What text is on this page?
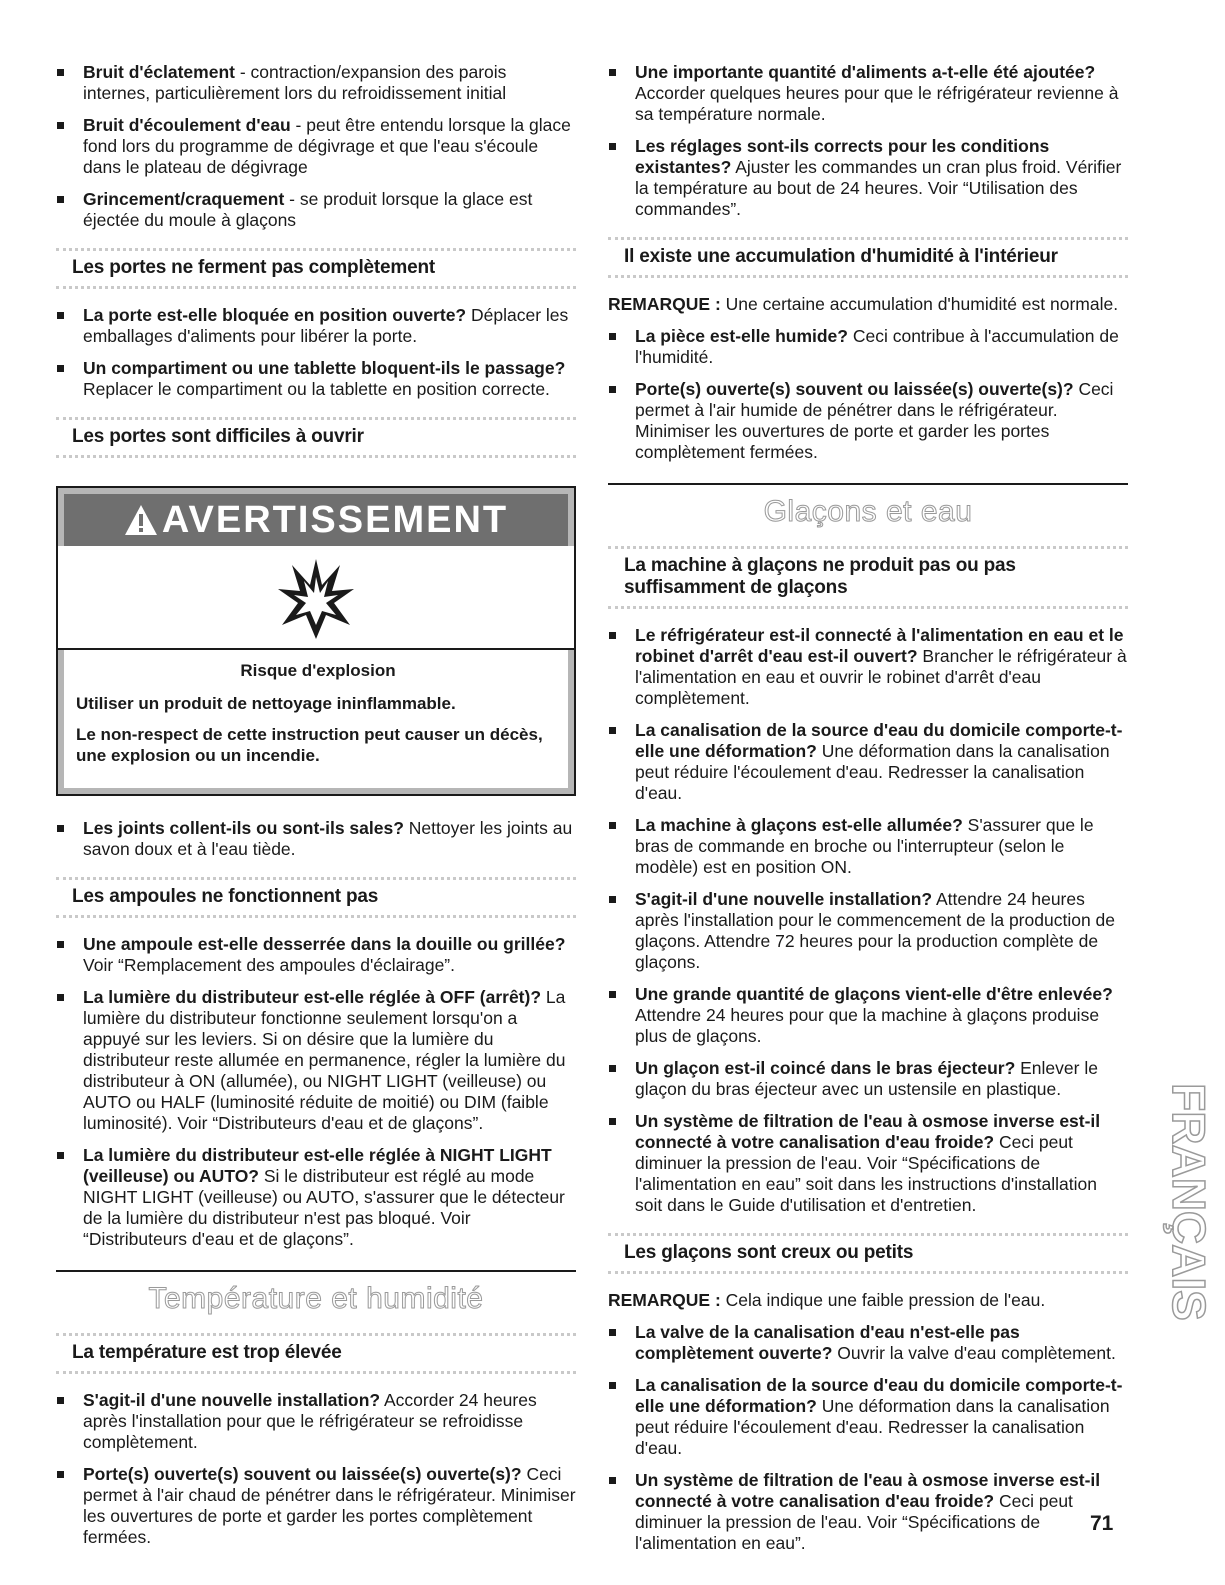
Bruit d'éclatement - contraction/expansion des parois internes, particulièrement lors du refroidissement initial
Bruit d'écoulement d'eau - peut être entendu lorsque la glace fond lors du programme de dégivrage et que l'eau s'écoule dans le plateau de dégivrage
Grincement/craquement - se produit lorsque la glace est éjectée du moule à glaçons
Les portes ne ferment pas complètement
La porte est-elle bloquée en position ouverte? Déplacer les emballages d'aliments pour libérer la porte.
Un compartiment ou une tablette bloquent-ils le passage? Replacer le compartiment ou la tablette en position correcte.
Les portes sont difficiles à ouvrir
AVERTISSEMENT

Risque d'explosion

Utiliser un produit de nettoyage ininflammable.

Le non-respect de cette instruction peut causer un décès, une explosion ou un incendie.

Les joints collent-ils ou sont-ils sales? Nettoyer les joints au savon doux et à l'eau tiède.
Les ampoules ne fonctionnent pas
Une ampoule est-elle desserrée dans la douille ou grillée? Voir “Remplacement des ampoules d'éclairage”.
La lumière du distributeur est-elle réglée à OFF (arrêt)? La lumière du distributeur fonctionne seulement lorsqu'on a appuyé sur les leviers. Si on désire que la lumière du distributeur reste allumée en permanence, régler la lumière du distributeur à ON (allumée), ou NIGHT LIGHT (veilleuse) ou AUTO ou HALF (luminosité réduite de moitié) ou DIM (faible luminosité). Voir “Distributeurs d'eau et de glaçons”.
La lumière du distributeur est-elle réglée à NIGHT LIGHT (veilleuse) ou AUTO? Si le distributeur est réglé au mode NIGHT LIGHT (veilleuse) ou AUTO, s'assurer que le détecteur de la lumière du distributeur n'est pas bloqué. Voir “Distributeurs d'eau et de glaçons”.
Température et humidité
La température est trop élevée
S'agit-il d'une nouvelle installation? Accorder 24 heures après l'installation pour que le réfrigérateur se refroidisse complètement.
Porte(s) ouverte(s) souvent ou laissée(s) ouverte(s)? Ceci permet à l'air chaud de pénétrer dans le réfrigérateur. Minimiser les ouvertures de porte et garder les portes complètement fermées.
Une importante quantité d'aliments a-t-elle été ajoutée? Accorder quelques heures pour que le réfrigérateur revienne à sa température normale.
Les réglages sont-ils corrects pour les conditions existantes? Ajuster les commandes un cran plus froid. Vérifier la température au bout de 24 heures. Voir “Utilisation des commandes”.
Il existe une accumulation d'humidité à l'intérieur
REMARQUE : Une certaine accumulation d'humidité est normale.
La pièce est-elle humide? Ceci contribue à l'accumulation de l'humidité.
Porte(s) ouverte(s) souvent ou laissée(s) ouverte(s)? Ceci permet à l'air humide de pénétrer dans le réfrigérateur. Minimiser les ouvertures de porte et garder les portes complètement fermées.
Glaçons et eau
La machine à glaçons ne produit pas ou pas suffisamment de glaçons
Le réfrigérateur est-il connecté à l'alimentation en eau et le robinet d'arrêt d'eau est-il ouvert? Brancher le réfrigérateur à l'alimentation en eau et ouvrir le robinet d'arrêt d'eau complètement.
La canalisation de la source d'eau du domicile comporte-t-elle une déformation? Une déformation dans la canalisation peut réduire l'écoulement d'eau. Redresser la canalisation d'eau.
La machine à glaçons est-elle allumée? S'assurer que le bras de commande en broche ou l'interrupteur (selon le modèle) est en position ON.
S'agit-il d'une nouvelle installation? Attendre 24 heures après l'installation pour le commencement de la production de glaçons. Attendre 72 heures pour la production complète de glaçons.
Une grande quantité de glaçons vient-elle d'être enlevée? Attendre 24 heures pour que la machine à glaçons produise plus de glaçons.
Un glaçon est-il coincé dans le bras éjecteur? Enlever le glaçon du bras éjecteur avec un ustensile en plastique.
Un système de filtration de l'eau à osmose inverse est-il connecté à votre canalisation d'eau froide? Ceci peut diminuer la pression de l'eau. Voir “Spécifications de l'alimentation en eau” soit dans les instructions d'installation soit dans le Guide d'utilisation et d'entretien.
Les glaçons sont creux ou petits
REMARQUE : Cela indique une faible pression de l'eau.
La valve de la canalisation d'eau n'est-elle pas complètement ouverte? Ouvrir la valve d'eau complètement.
La canalisation de la source d'eau du domicile comporte-t-elle une déformation? Une déformation dans la canalisation peut réduire l'écoulement d'eau. Redresser la canalisation d'eau.
Un système de filtration de l'eau à osmose inverse est-il connecté à votre canalisation d'eau froide? Ceci peut diminuer la pression de l'eau. Voir “Spécifications de l'alimentation en eau”.
FRANÇAIS
71
